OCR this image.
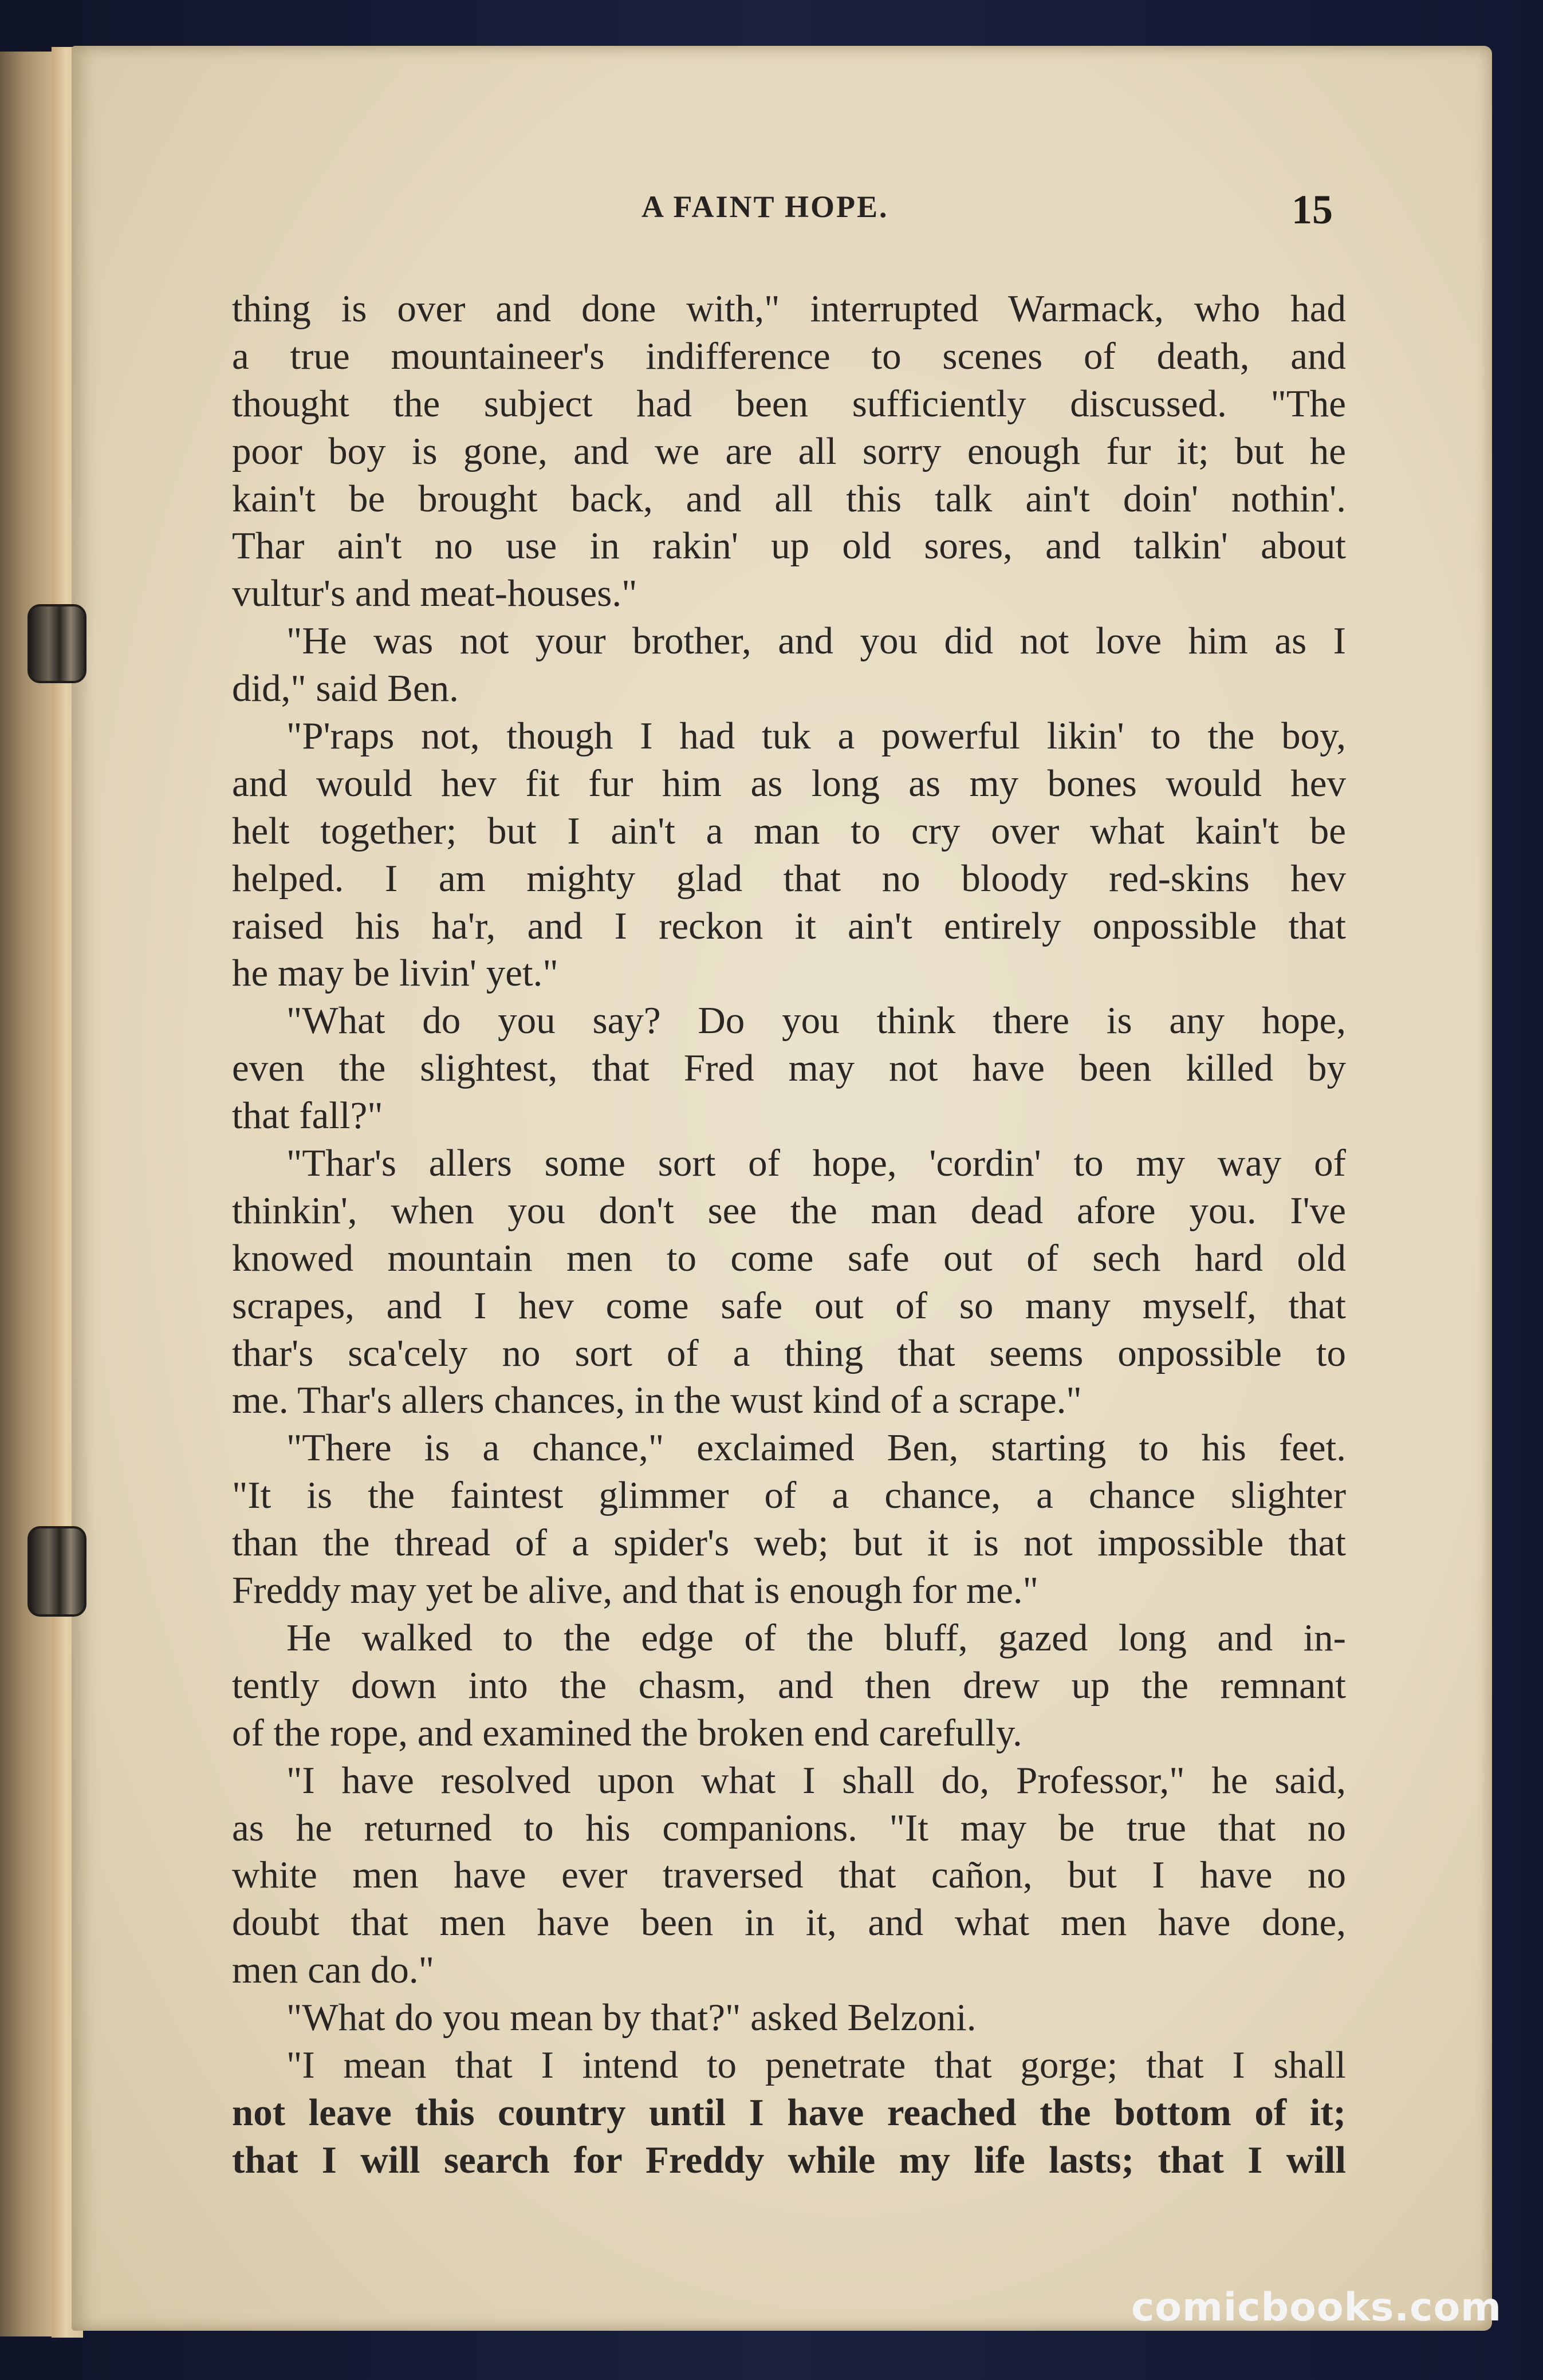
A FAINT HOPE.	15
thing is over and done with," interrupted Warmack, who had
a true mountaineer's indifference to scenes of death, and
thought the subject had been sufficiently discussed. "The
poor boy is gone, and we are all sorry enough fur it; but he
kain't be brought back, and all this talk ain't doin' nothin'.
Thar ain't no use in rakin' up old sores, and talkin' about
vultur's and meat-houses."
"He was not your brother, and you did not love him as I
did," said Ben.
"P'raps not, though I had tuk a powerful likin' to the boy,
and would hev fit fur him as long as my bones would hev
helt together; but I ain't a man to cry over what kain't be
helped. I am mighty glad that no bloody red-skins hev
raised his ha'r, and I reckon it ain't entirely onpossible that
he may be livin' yet."
"What do you say? Do you think there is any hope,
even the slightest, that Fred may not have been killed by
that fall?"
"Thar's allers some sort of hope, 'cordin' to my way of
thinkin', when you don't see the man dead afore you. I've
knowed mountain men to come safe out of sech hard old
scrapes, and I hev come safe out of so many myself, that
thar's sca'cely no sort of a thing that seems onpossible to
me. Thar's allers chances, in the wust kind of a scrape."
"There is a chance," exclaimed Ben, starting to his feet.
"It is the faintest glimmer of a chance, a chance slighter
than the thread of a spider's web; but it is not impossible that
Freddy may yet be alive, and that is enough for me."
He walked to the edge of the bluff, gazed long and in-
tently down into the chasm, and then drew up the remnant
of the rope, and examined the broken end carefully.
"I have resolved upon what I shall do, Professor," he said,
as he returned to his companions. "It may be true that no
white men have ever traversed that cañon, but I have no
doubt that men have been in it, and what men have done,
men can do."
"What do you mean by that?" asked Belzoni.
"I mean that I intend to penetrate that gorge; that I shall
not leave this country until I have reached the bottom of it;
that I will search for Freddy while my life lasts; that I will
comicbooks.com
